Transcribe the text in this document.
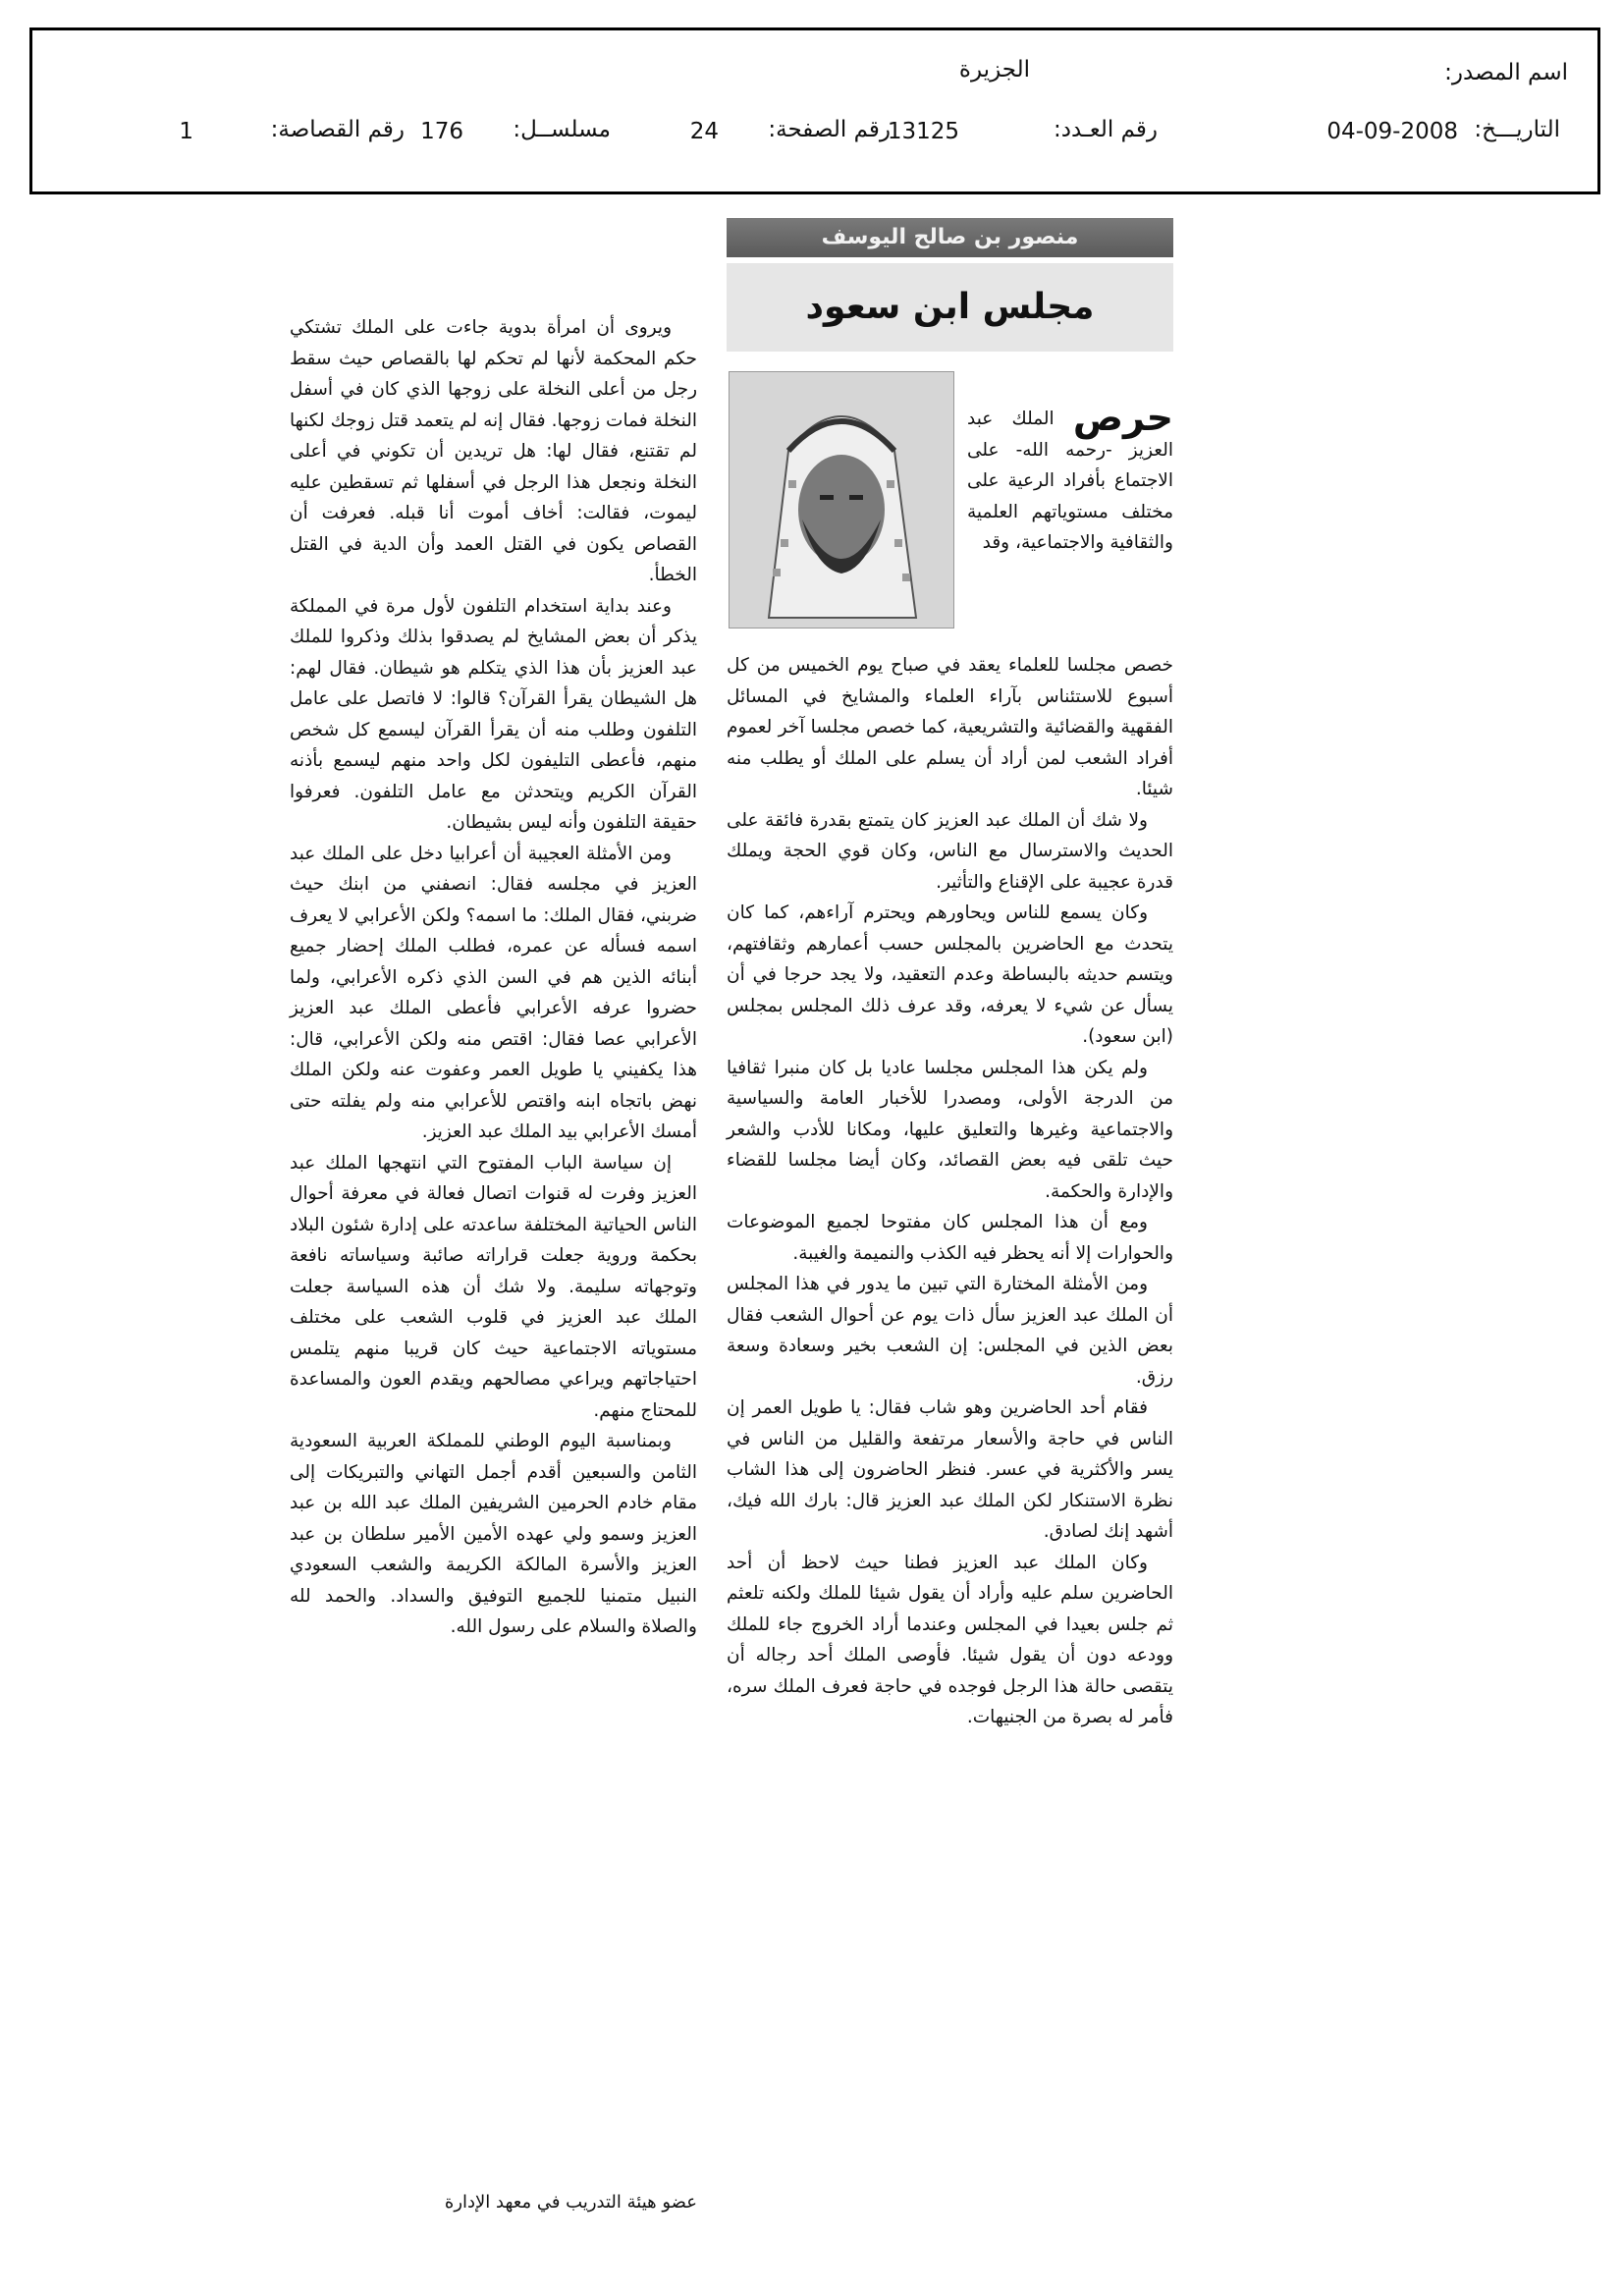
اسم المصدر:
الجزيرة
التاريـــخ:
04-09-2008
رقم العـدد:
13125
رقم الصفحة:
24
مسلســل:
176
رقم القصاصة:
1
منصور بن صالح اليوسف
مجلس ابن سعود

حرص الملك عبد العزيز -رحمه الله- على الاجتماع بأفراد الرعية على مختلف مستوياتهم العلمية والثقافية والاجتماعية، وقد

خصص مجلسا للعلماء يعقد في صباح يوم الخميس من كل أسبوع للاستئناس بآراء العلماء والمشايخ في المسائل الفقهية والقضائية والتشريعية، كما خصص مجلسا آخر لعموم أفراد الشعب لمن أراد أن يسلم على الملك أو يطلب منه شيئا.

ولا شك أن الملك عبد العزيز كان يتمتع بقدرة فائقة على الحديث والاسترسال مع الناس، وكان قوي الحجة ويملك قدرة عجيبة على الإقناع والتأثير.

وكان يسمع للناس ويحاورهم ويحترم آراءهم، كما كان يتحدث مع الحاضرين بالمجلس حسب أعمارهم وثقافتهم، ويتسم حديثه بالبساطة وعدم التعقيد، ولا يجد حرجا في أن يسأل عن شيء لا يعرفه، وقد عرف ذلك المجلس بمجلس (ابن سعود).

ولم يكن هذا المجلس مجلسا عاديا بل كان منبرا ثقافيا من الدرجة الأولى، ومصدرا للأخبار العامة والسياسية والاجتماعية وغيرها والتعليق عليها، ومكانا للأدب والشعر حيث تلقى فيه بعض القصائد، وكان أيضا مجلسا للقضاء والإدارة والحكمة.

ومع أن هذا المجلس كان مفتوحا لجميع الموضوعات والحوارات إلا أنه يحظر فيه الكذب والنميمة والغيبة.

ومن الأمثلة المختارة التي تبين ما يدور في هذا المجلس أن الملك عبد العزيز سأل ذات يوم عن أحوال الشعب فقال بعض الذين في المجلس: إن الشعب بخير وسعادة وسعة رزق.

فقام أحد الحاضرين وهو شاب فقال: يا طويل العمر إن الناس في حاجة والأسعار مرتفعة والقليل من الناس في يسر والأكثرية في عسر. فنظر الحاضرون إلى هذا الشاب نظرة الاستنكار لكن الملك عبد العزيز قال: بارك الله فيك، أشهد إنك لصادق.

وكان الملك عبد العزيز فطنا حيث لاحظ أن أحد الحاضرين سلم عليه وأراد أن يقول شيئا للملك ولكنه تلعثم ثم جلس بعيدا في المجلس وعندما أراد الخروج جاء للملك وودعه دون أن يقول شيئا. فأوصى الملك أحد رجاله أن يتقصى حالة هذا الرجل فوجده في حاجة فعرف الملك سره، فأمر له بصرة من الجنيهات.

ويروى أن امرأة بدوية جاءت على الملك تشتكي حكم المحكمة لأنها لم تحكم لها بالقصاص حيث سقط رجل من أعلى النخلة على زوجها الذي كان في أسفل النخلة فمات زوجها. فقال إنه لم يتعمد قتل زوجك لكنها لم تقتنع، فقال لها: هل تريدين أن تكوني في أعلى النخلة ونجعل هذا الرجل في أسفلها ثم تسقطين عليه ليموت، فقالت: أخاف أموت أنا قبله. فعرفت أن القصاص يكون في القتل العمد وأن الدية في القتل الخطأ.

وعند بداية استخدام التلفون لأول مرة في المملكة يذكر أن بعض المشايخ لم يصدقوا بذلك وذكروا للملك عبد العزيز بأن هذا الذي يتكلم هو شيطان. فقال لهم: هل الشيطان يقرأ القرآن؟ قالوا: لا فاتصل على عامل التلفون وطلب منه أن يقرأ القرآن ليسمع كل شخص منهم، فأعطى التليفون لكل واحد منهم ليسمع بأذنه القرآن الكريم ويتحدثن مع عامل التلفون. فعرفوا حقيقة التلفون وأنه ليس بشيطان.

ومن الأمثلة العجيبة أن أعرابيا دخل على الملك عبد العزيز في مجلسه فقال: انصفني من ابنك حيث ضربني، فقال الملك: ما اسمه؟ ولكن الأعرابي لا يعرف اسمه فسأله عن عمره، فطلب الملك إحضار جميع أبنائه الذين هم في السن الذي ذكره الأعرابي، ولما حضروا عرفه الأعرابي فأعطى الملك عبد العزيز الأعرابي عصا فقال: اقتص منه ولكن الأعرابي، قال: هذا يكفيني يا طويل العمر وعفوت عنه ولكن الملك نهض باتجاه ابنه واقتص للأعرابي منه ولم يفلته حتى أمسك الأعرابي بيد الملك عبد العزيز.

إن سياسة الباب المفتوح التي انتهجها الملك عبد العزيز وفرت له قنوات اتصال فعالة في معرفة أحوال الناس الحياتية المختلفة ساعدته على إدارة شئون البلاد بحكمة وروية جعلت قراراته صائبة وسياساته نافعة وتوجهاته سليمة. ولا شك أن هذه السياسة جعلت الملك عبد العزيز في قلوب الشعب على مختلف مستوياته الاجتماعية حيث كان قريبا منهم يتلمس احتياجاتهم ويراعي مصالحهم ويقدم العون والمساعدة للمحتاج منهم.

وبمناسبة اليوم الوطني للمملكة العربية السعودية الثامن والسبعين أقدم أجمل التهاني والتبريكات إلى مقام خادم الحرمين الشريفين الملك عبد الله بن عبد العزيز وسمو ولي عهده الأمين الأمير سلطان بن عبد العزيز والأسرة المالكة الكريمة والشعب السعودي النبيل متمنيا للجميع التوفيق والسداد. والحمد لله والصلاة والسلام على رسول الله.

عضو هيئة التدريب في معهد الإدارة
